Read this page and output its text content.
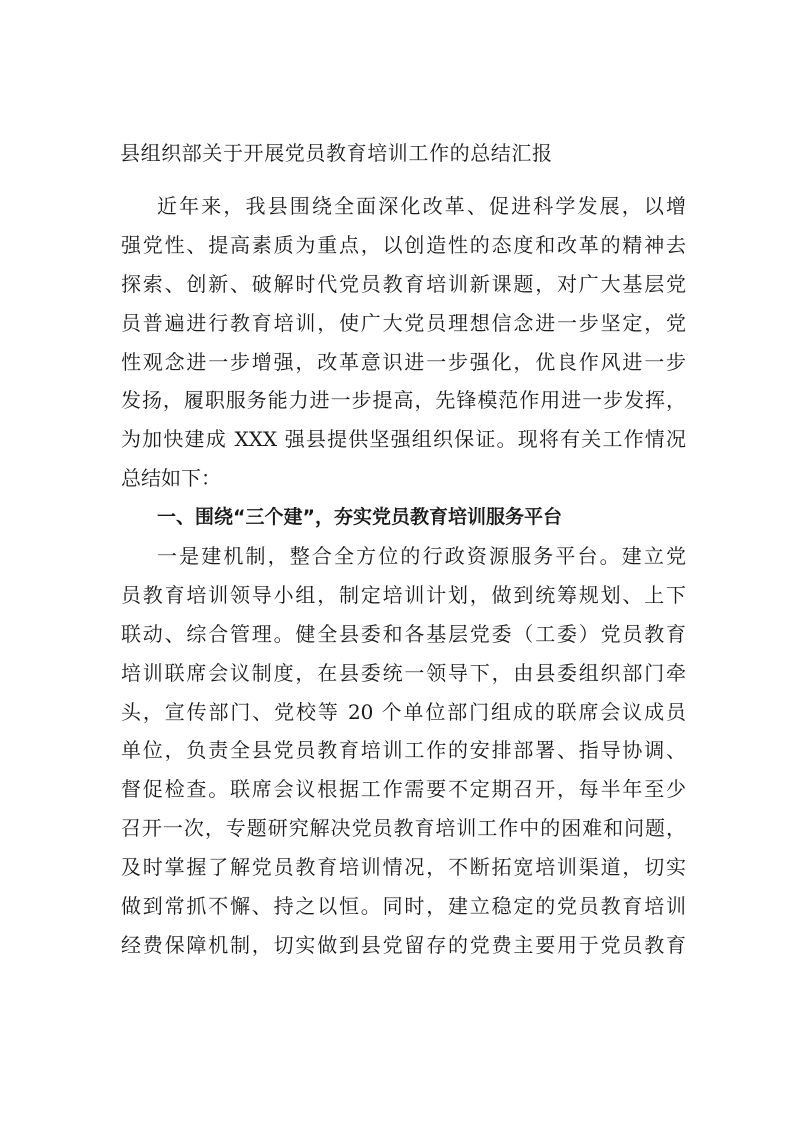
县组织部关于开展党员教育培训工作的总结汇报
近年来，我县围绕全面深化改革、促进科学发展，以增
强党性、提高素质为重点，以创造性的态度和改革的精神去
探索、创新、破解时代党员教育培训新课题，对广大基层党
员普遍进行教育培训，使广大党员理想信念进一步坚定，党
性观念进一步增强，改革意识进一步强化，优良作风进一步
发扬，履职服务能力进一步提高，先锋模范作用进一步发挥，
为加快建成 XXX 强县提供坚强组织保证。现将有关工作情况
总结如下：
一、围绕“三个建”，夯实党员教育培训服务平台
一是建机制，整合全方位的行政资源服务平台。建立党
员教育培训领导小组，制定培训计划，做到统筹规划、上下
联动、综合管理。健全县委和各基层党委（工委）党员教育
培训联席会议制度，在县委统一领导下，由县委组织部门牵
头，宣传部门、党校等 20 个单位部门组成的联席会议成员
单位，负责全县党员教育培训工作的安排部署、指导协调、
督促检查。联席会议根据工作需要不定期召开，每半年至少
召开一次，专题研究解决党员教育培训工作中的困难和问题，
及时掌握了解党员教育培训情况，不断拓宽培训渠道，切实
做到常抓不懈、持之以恒。同时，建立稳定的党员教育培训
经费保障机制，切实做到县党留存的党费主要用于党员教育
